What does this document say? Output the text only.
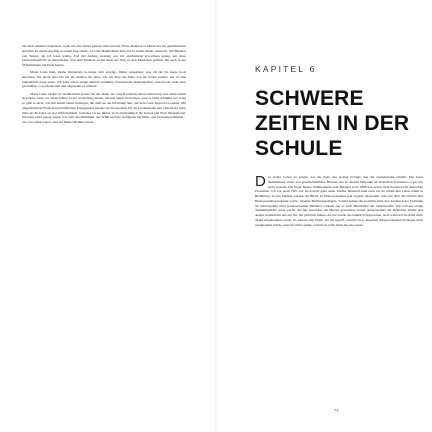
hat mich niemand begeistert, wenn ich eine Kunst gelesen habe und die Worte Dantons in Sätzen bei der gemeinsamen Ausfahrt zu einem Ausflug in einem Zug anrufe. Zu viele Bahnfahrten habe ich in einem Abteil verbracht, mit Büchern und Texten, die ich lesen wollte. Erst mit Anfang zwanzig war ich anscheinend erwachsen genug, um diese Unterrichtspflicht zu überwinden. Von dem Moment an hat mich der Weg zu den Menschen geführt, die auch in der Öffentlichkeit ein Ende hatten.

Marie Luise hatte meine Kinderzeit in dieser Zeit geprägt, früher respektiert, was ich ihr bis heute hoch anrechne. Vor allem aber bin ich ihr dankbar für alles, was ich über die Jahre von ihr lernen konnte. Sie ist eine unglaublich treue Seele. Ich habe schon einige ähnlich berühmte Schauspieler kennengelernt, und bei ihr steht alles geschaffen, so professionell und angenehm zu bleiben.

Marie Luise backte zu Weihnachten Kekse für das Team, sie vergaß niemals einen Geburtstag und nahm Anteil an jedem, wenn wir einen Fehler in der Vorstellung hatten, um uns sagen zu können, dass es nicht schlimm sei. Ganz so geht es nicht, wie mit einem neuen Kollegen, mit dem sie die Erfahrung teilt, auf dem roten Teppich zu stehen. Mit unglaublichem Fleiß und persönlichem Engagement machte sie Pressearbeit für die Lindenstraße und verhalf der Serie über all die Jahre zu viel Öffentlichkeit. Gleiches tat sie immer noch ehrenamtlich für Unicef und Plan International. Ich kann nicht genug sagen, wie sehr das Publikum, der WDR und die Geldgeber für Film- und Fernsehproduktion – nur von Glück sagen, dass sie Mutter Beimer wurde.

KAPITEL 6
SCHWERE ZEITEN IN DER SCHULE

Das wahre Leben zu zeigen war der Kern des großen Erfolgs, den die Lindenstraße einfuhr. Die Serie thematisierte vieles von gesellschaftlicher Brisanz, das zu diesem Zeitpunkt im deutschen Fernsehen so gut wie nicht vorkam. Die Figur Benno Zimmermann zum Beispiel starb 1988 den ersten Aids-Serientod im deutschen Fernsehen. Ich war neun, HIV war noch nicht ganz unser Thema. Dennoch kam auch ich im wirklichen Leben damit in Berührung. In den Medien wurden die Bilder zu Homosexuellen sehr negativ dargestellt, und was über die Dichter und Homosexuellen bekannt wurde, förderte Berührungsängste. Sobald kamen die Gerüchte über den Ausbruch der Epidemie im Schwerpunkt unter homosexuellen Männern vorkam, traf es auch Mitarbeiter der Lindenstraße. Wir verloren einige Teammitglieder, nach solche, die mir besonders am Herzen gewachsen waren. Ausgerechnet der Regisseur Walter und andere standen mit uns am Set, der plötzlich fehlen. An Set wurde das natürlich besprochen, auch wenn ich als Kind nicht direkt eingebunden wurde. Es dauerte eine Weile, bis ich begriff, warum ich so manchen liebgewonnenen Kollegen nicht wiedersehen würde, und erst Jahre später, warum sie nicht mehr bei uns waren.

73
